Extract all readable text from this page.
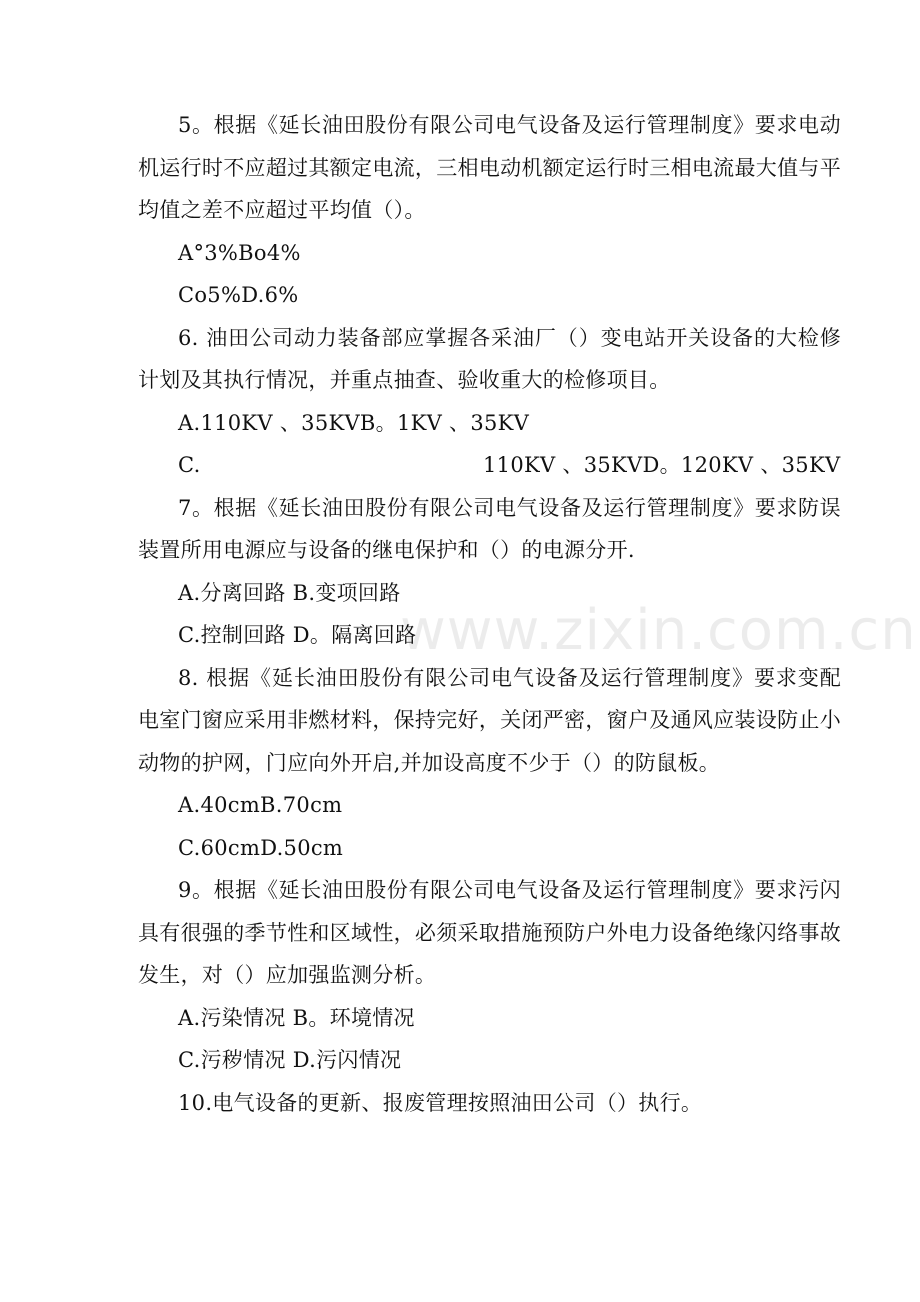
5。根据《延长油田股份有限公司电气设备及运行管理制度》要求电动机运行时不应超过其额定电流，三相电动机额定运行时三相电流最大值与平均值之差不应超过平均值（）。

A°3%Bo4%

Co5%D.6%

6. 油田公司动力装备部应掌握各采油厂（）变电站开关设备的大检修计划及其执行情况，并重点抽查、验收重大的检修项目。

A.110KV 、35KVB。1KV 、35KV

C.	110KV 、35KVD。120KV 、35KV

7。根据《延长油田股份有限公司电气设备及运行管理制度》要求防误装置所用电源应与设备的继电保护和（）的电源分开.

A.分离回路 B.变项回路

C.控制回路 D。隔离回路

8. 根据《延长油田股份有限公司电气设备及运行管理制度》要求变配电室门窗应采用非燃材料，保持完好，关闭严密，窗户及通风应装设防止小动物的护网，门应向外开启,并加设高度不少于（）的防鼠板。

A.40cmB.70cm

C.60cmD.50cm

9。根据《延长油田股份有限公司电气设备及运行管理制度》要求污闪具有很强的季节性和区域性，必须采取措施预防户外电力设备绝缘闪络事故发生，对（）应加强监测分析。

A.污染情况 B。环境情况

C.污秽情况 D.污闪情况

10.电气设备的更新、报废管理按照油田公司（）执行。

www.zixin.com.cn
